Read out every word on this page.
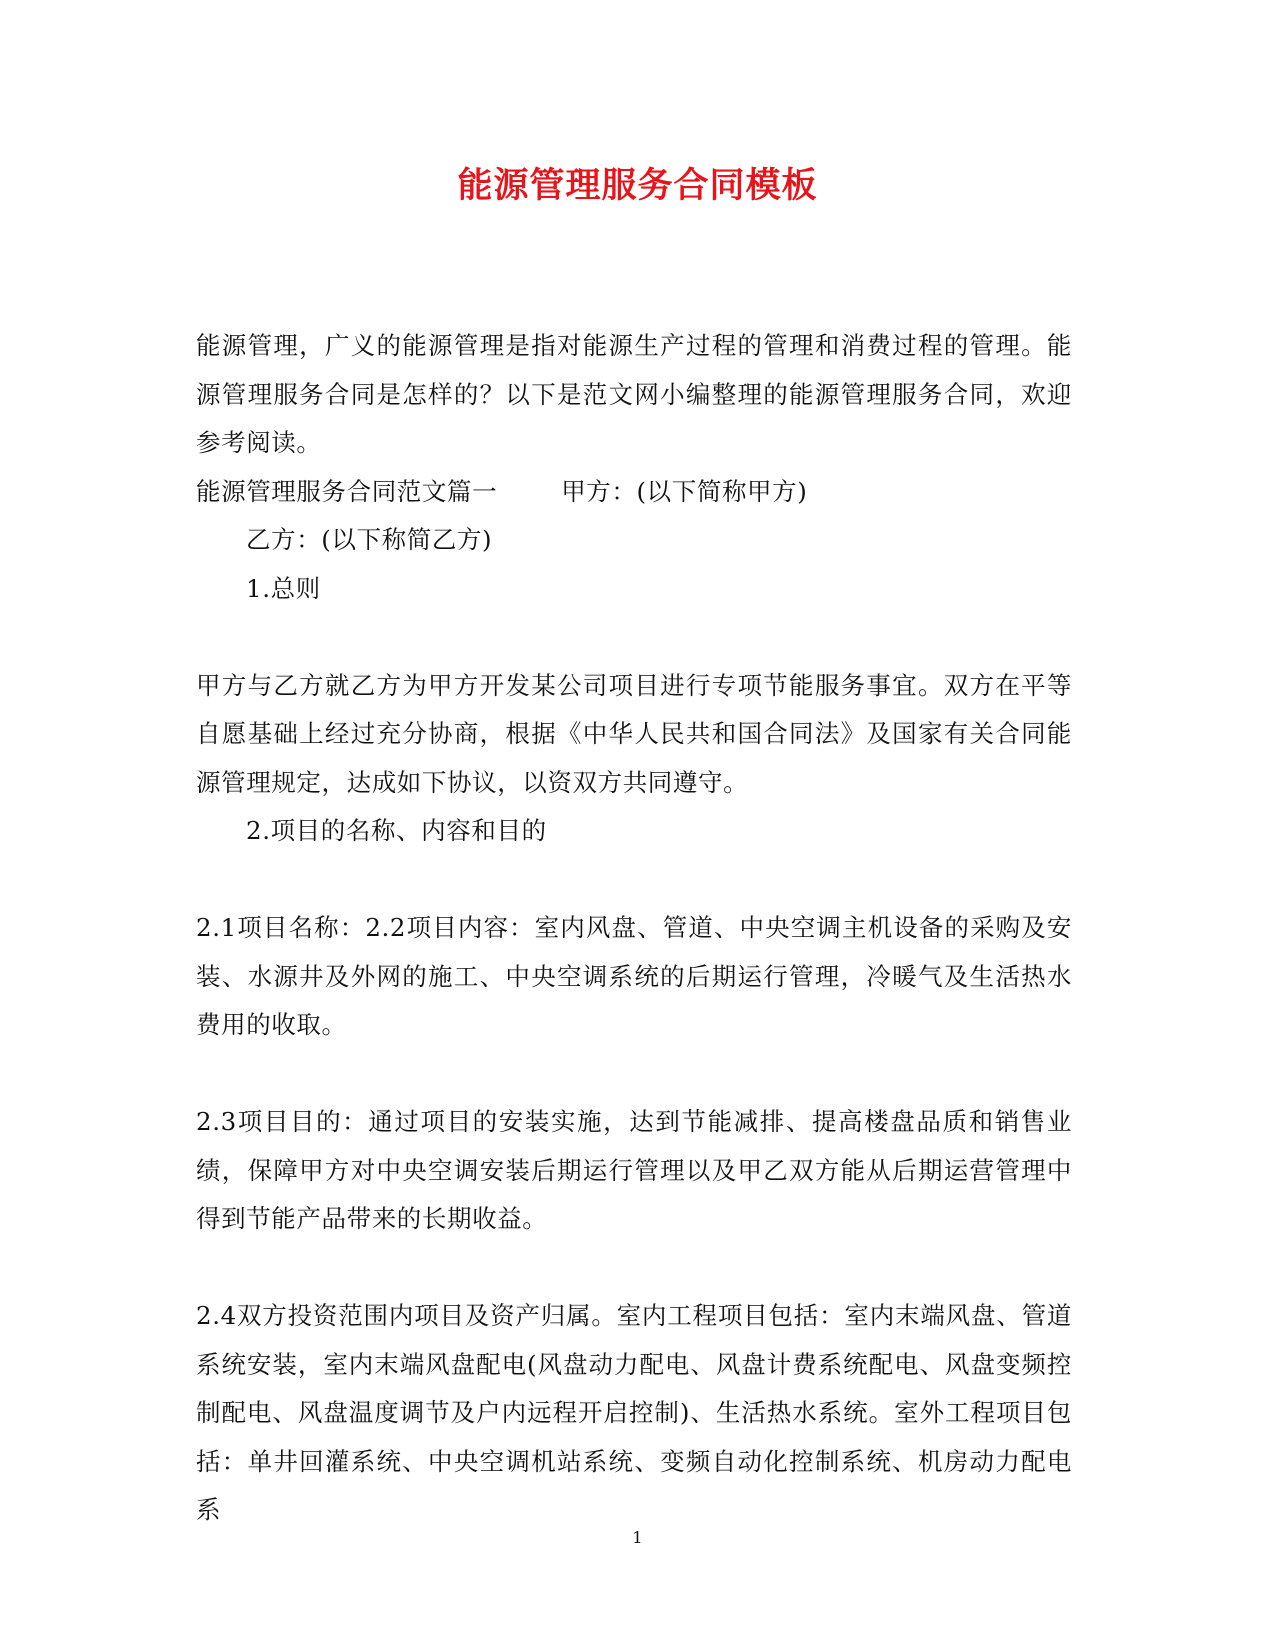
能源管理服务合同模板

能源管理，广义的能源管理是指对能源生产过程的管理和消费过程的管理。能源管理服务合同是怎样的？以下是范文网小编整理的能源管理服务合同，欢迎参考阅读。

能源管理服务合同范文篇一	甲方：(以下简称甲方)

乙方：(以下称简乙方)

1.总则

甲方与乙方就乙方为甲方开发某公司项目进行专项节能服务事宜。双方在平等自愿基础上经过充分协商，根据《中华人民共和国合同法》及国家有关合同能源管理规定，达成如下协议，以资双方共同遵守。

2.项目的名称、内容和目的

2.1项目名称：2.2项目内容：室内风盘、管道、中央空调主机设备的采购及安装、水源井及外网的施工、中央空调系统的后期运行管理，冷暖气及生活热水费用的收取。

2.3项目目的：通过项目的安装实施，达到节能减排、提高楼盘品质和销售业绩，保障甲方对中央空调安装后期运行管理以及甲乙双方能从后期运营管理中得到节能产品带来的长期收益。

2.4双方投资范围内项目及资产归属。室内工程项目包括：室内末端风盘、管道系统安装，室内末端风盘配电(风盘动力配电、风盘计费系统配电、风盘变频控制配电、风盘温度调节及户内远程开启控制)、生活热水系统。室外工程项目包括：单井回灌系统、中央空调机站系统、变频自动化控制系统、机房动力配电系

1
